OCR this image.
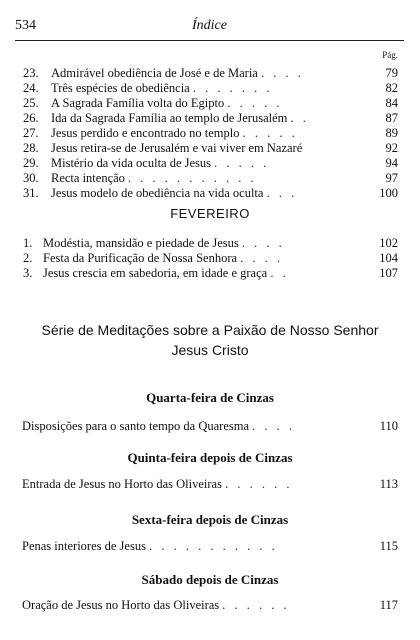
534	Índice
Pág.
23. Admirável obediência de José e de Maria . . . .	79
24. Três espécies de obediência . . . . . . .	82
25. A Sagrada Família volta do Egipto . . . . .	84
26. Ida da Sagrada Família ao templo de Jerusalém . .	87
27. Jesus perdido e encontrado no templo . . . . .	89
28. Jesus retira-se de Jerusalém e vai viver em Nazaré	92
29. Mistério da vida oculta de Jesus . . . . .	94
30. Recta intenção . . . . . . . . . . .	97
31. Jesus modelo de obediência na vida oculta . . .	100
FEVEREIRO
1. Modéstia, mansidão e piedade de Jesus . . . .	102
2. Festa da Purificação de Nossa Senhora . . . .	104
3. Jesus crescia em sabedoria, em idade e graça . .	107
Série de Meditações sobre a Paixão de Nosso Senhor Jesus Cristo
Quarta-feira de Cinzas
Disposições para o santo tempo da Quaresma . . . .	110
Quinta-feira depois de Cinzas
Entrada de Jesus no Horto das Oliveiras . . . . . .	113
Sexta-feira depois de Cinzas
Penas interiores de Jesus . . . . . . . . . . .	115
Sábado depois de Cinzas
Oração de Jesus no Horto das Oliveiras . . . . . .	117
